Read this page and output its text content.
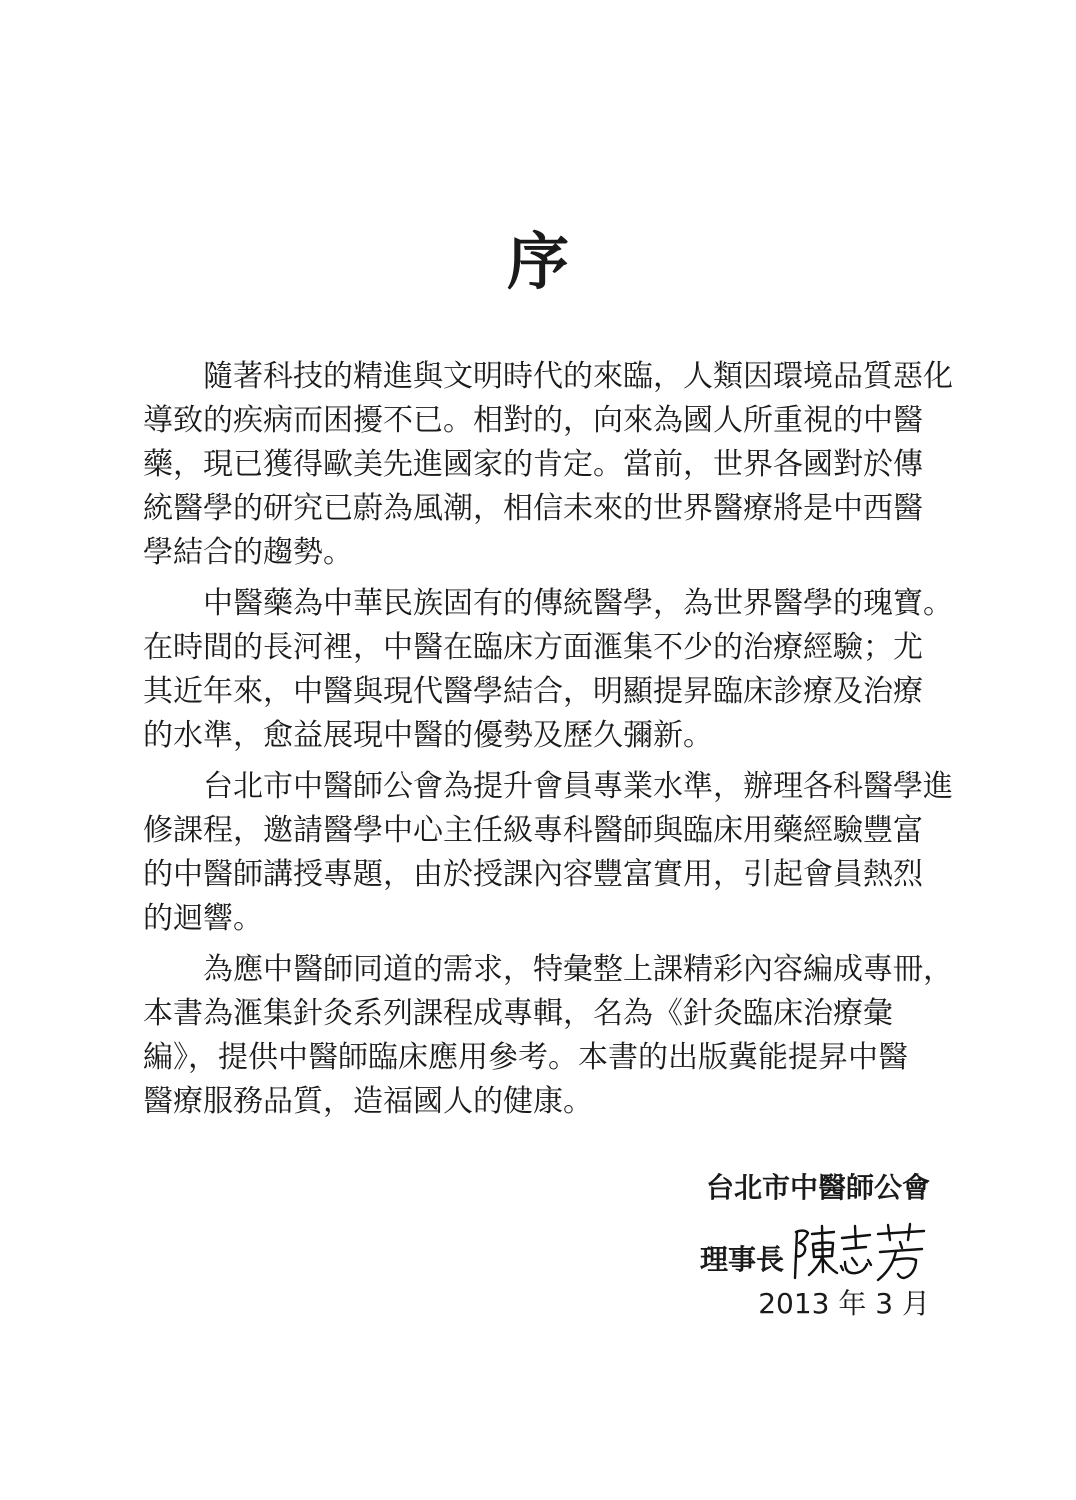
序
隨著科技的精進與文明時代的來臨，人類因環境品質惡化
導致的疾病而困擾不已。相對的，向來為國人所重視的中醫
藥，現已獲得歐美先進國家的肯定。當前，世界各國對於傳
統醫學的研究已蔚為風潮，相信未來的世界醫療將是中西醫
學結合的趨勢。
中醫藥為中華民族固有的傳統醫學，為世界醫學的瑰寶。
在時間的長河裡，中醫在臨床方面滙集不少的治療經驗；尤
其近年來，中醫與現代醫學結合，明顯提昇臨床診療及治療
的水準，愈益展現中醫的優勢及歷久彌新。
台北市中醫師公會為提升會員專業水準，辦理各科醫學進
修課程，邀請醫學中心主任級專科醫師與臨床用藥經驗豐富
的中醫師講授專題，由於授課內容豐富實用，引起會員熱烈
的迴響。
為應中醫師同道的需求，特彙整上課精彩內容編成專冊，
本書為滙集針灸系列課程成專輯，名為《針灸臨床治療彙
編》，提供中醫師臨床應用參考。本書的出版冀能提昇中醫
醫療服務品質，造福國人的健康。
台北市中醫師公會
理事長
2013 年 3 月
